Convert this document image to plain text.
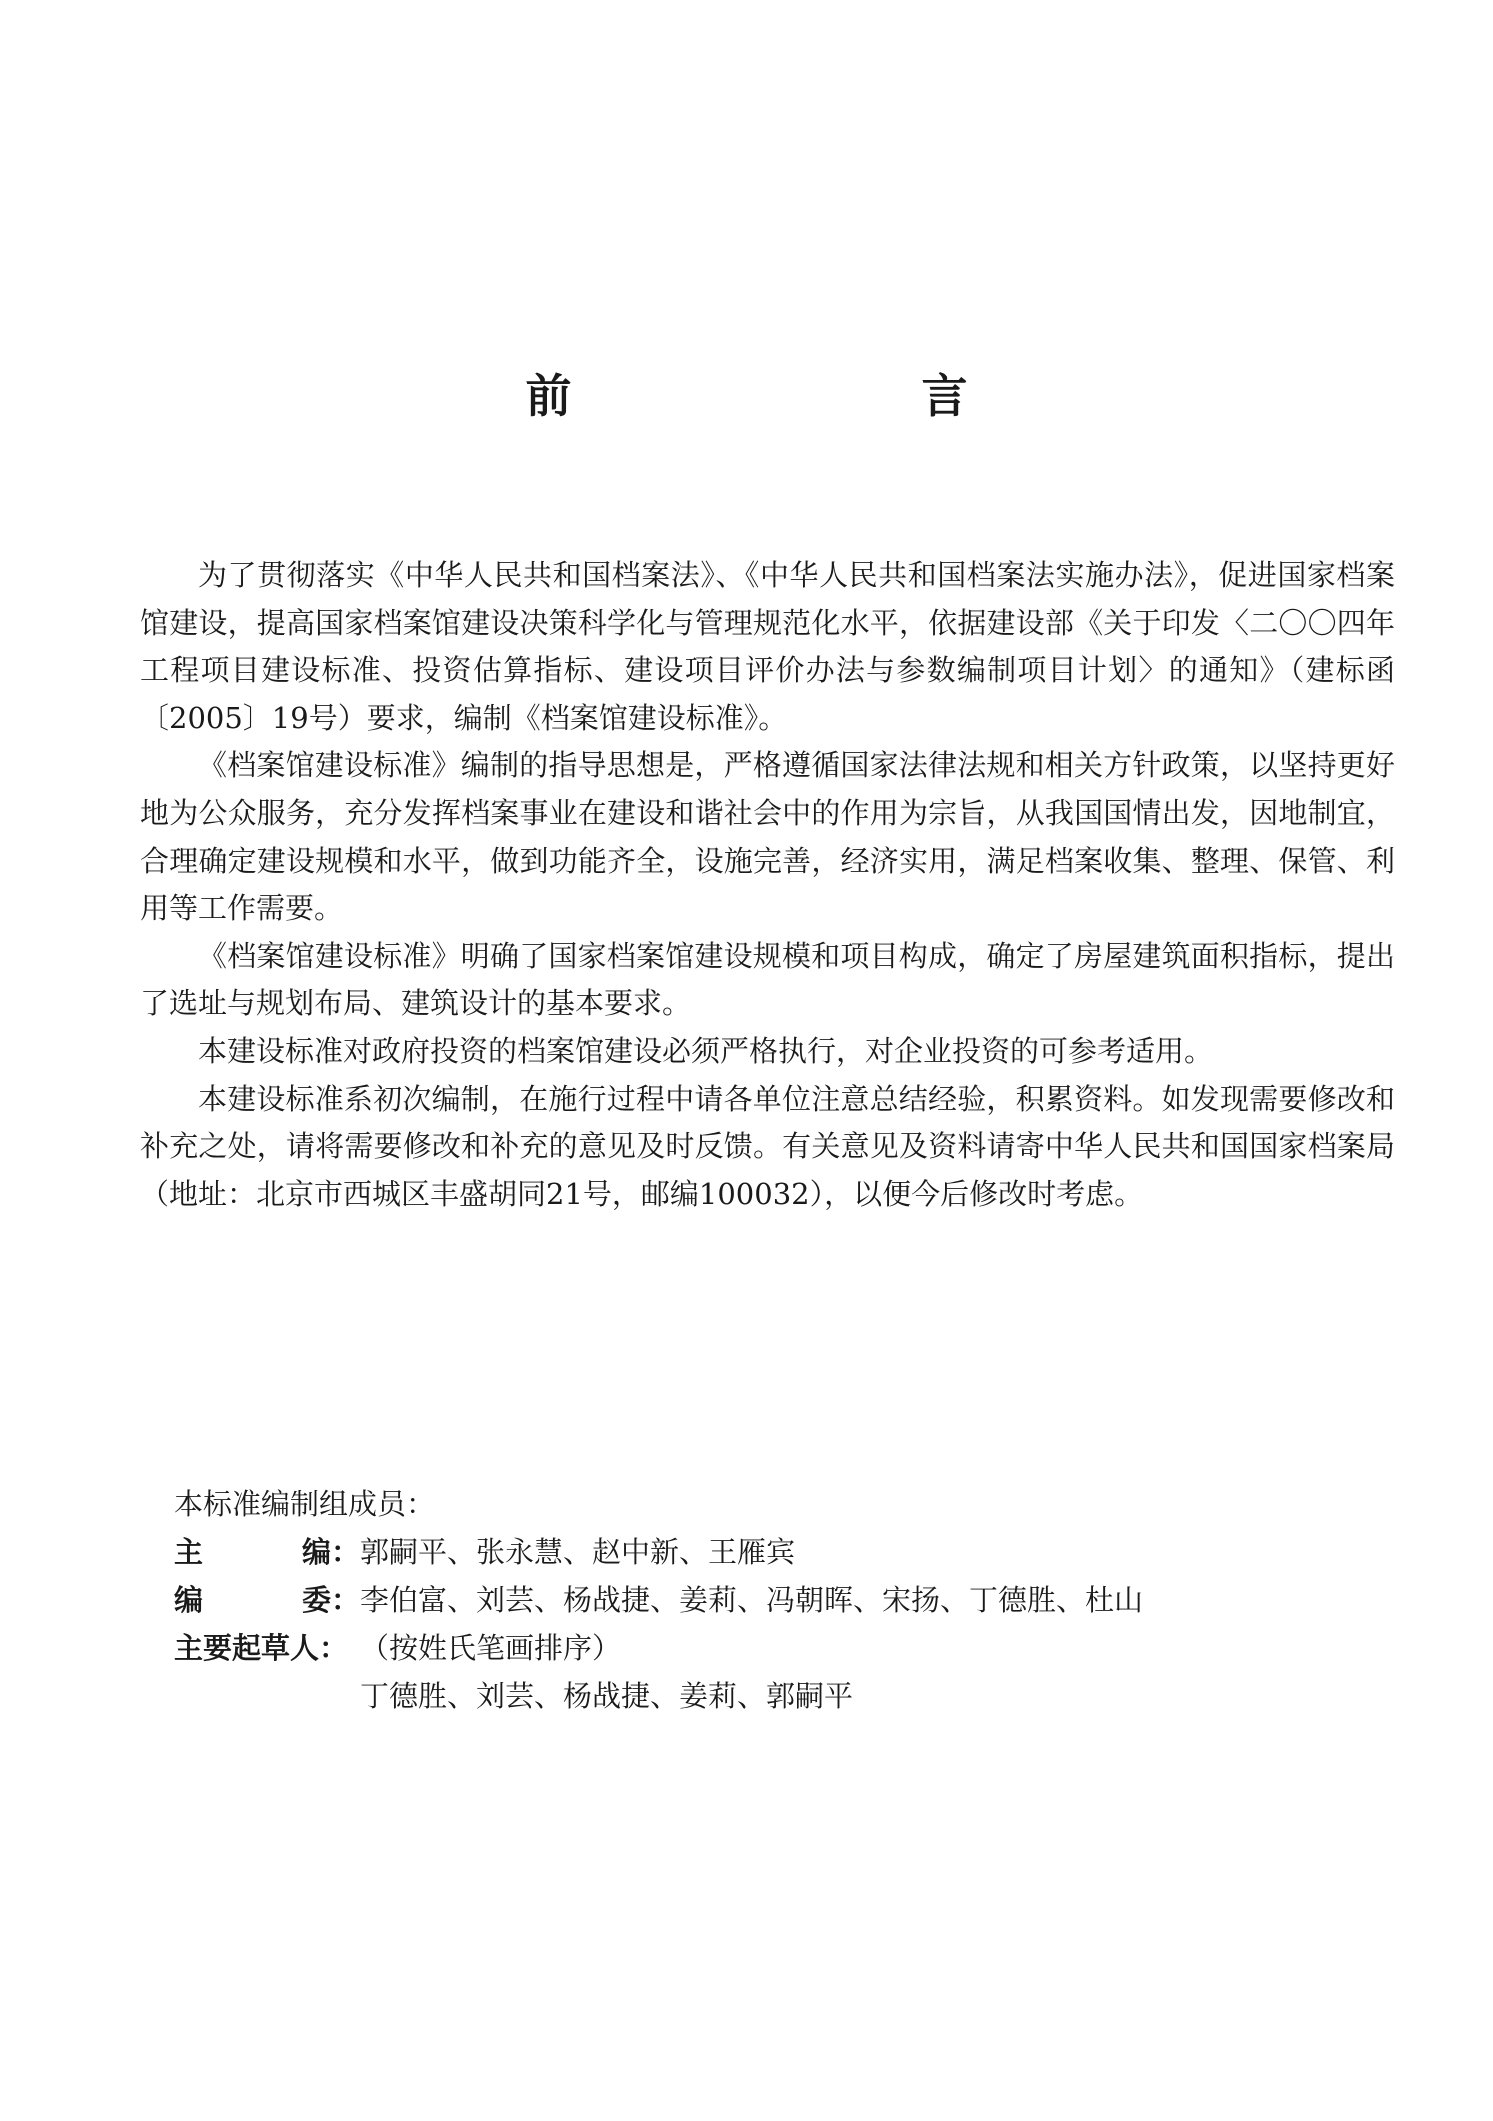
前　　言

为了贯彻落实《中华人民共和国档案法》、《中华人民共和国档案法实施办法》，促进国家档案馆建设，提高国家档案馆建设决策科学化与管理规范化水平，依据建设部《关于印发〈二〇〇四年工程项目建设标准、投资估算指标、建设项目评价办法与参数编制项目计划〉的通知》（建标函〔2005〕19号）要求，编制《档案馆建设标准》。

《档案馆建设标准》编制的指导思想是，严格遵循国家法律法规和相关方针政策，以坚持更好地为公众服务，充分发挥档案事业在建设和谐社会中的作用为宗旨，从我国国情出发，因地制宜，合理确定建设规模和水平，做到功能齐全，设施完善，经济实用，满足档案收集、整理、保管、利用等工作需要。

《档案馆建设标准》明确了国家档案馆建设规模和项目构成，确定了房屋建筑面积指标，提出了选址与规划布局、建筑设计的基本要求。

本建设标准对政府投资的档案馆建设必须严格执行，对企业投资的可参考适用。

本建设标准系初次编制，在施行过程中请各单位注意总结经验，积累资料。如发现需要修改和补充之处，请将需要修改和补充的意见及时反馈。有关意见及资料请寄中华人民共和国国家档案局（地址：北京市西城区丰盛胡同21号，邮编100032），以便今后修改时考虑。

本标准编制组成员：
主	编： 郭嗣平、张永慧、赵中新、王雁宾
编	委： 李伯富、刘芸、杨战捷、姜莉、冯朝晖、宋扬、丁德胜、杜山
主要起草人： （按姓氏笔画排序）
丁德胜、刘芸、杨战捷、姜莉、郭嗣平
